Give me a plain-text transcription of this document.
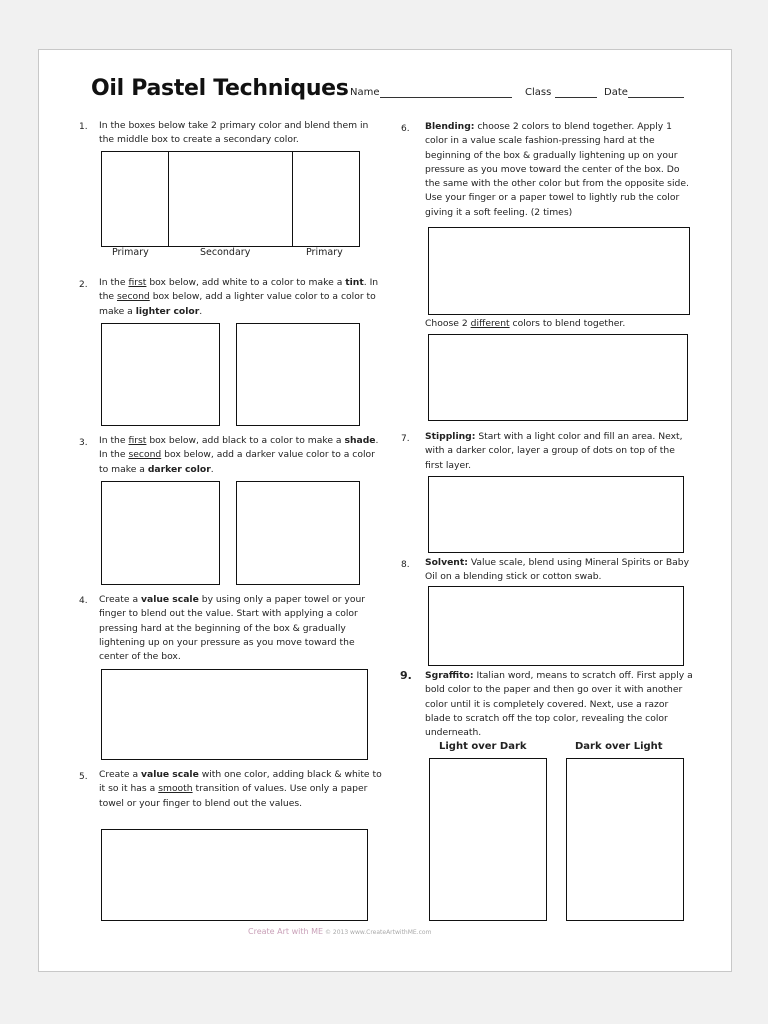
Oil Pastel Techniques Name	Class	Date
1. In the boxes below take 2 primary color and blend them in the middle box to create a secondary color.
Primary	Secondary	Primary
2. In the first box below, add white to a color to make a tint. In the second box below, add a lighter value color to a color to make a lighter color.
3. In the first box below, add black to a color to make a shade. In the second box below, add a darker value color to a color to make a darker color.
4. Create a value scale by using only a paper towel or your finger to blend out the value. Start with applying a color pressing hard at the beginning of the box & gradually lightening up on your pressure as you move toward the center of the box.
5. Create a value scale with one color, adding black & white to it so it has a smooth transition of values. Use only a paper towel or your finger to blend out the values.
6. Blending: choose 2 colors to blend together. Apply 1 color in a value scale fashion-pressing hard at the beginning of the box & gradually lightening up on your pressure as you move toward the center of the box. Do the same with the other color but from the opposite side. Use your finger or a paper towel to lightly rub the color giving it a soft feeling. (2 times)
Choose 2 different colors to blend together.
7. Stippling: Start with a light color and fill an area. Next, with a darker color, layer a group of dots on top of the first layer.
8. Solvent: Value scale, blend using Mineral Spirits or Baby Oil on a blending stick or cotton swab.
9. Sgraffito: Italian word, means to scratch off. First apply a bold color to the paper and then go over it with another color until it is completely covered. Next, use a razor blade to scratch off the top color, revealing the color underneath.
Light over Dark	Dark over Light
Create Art with ME © 2013 www.CreateArtwithME.com
